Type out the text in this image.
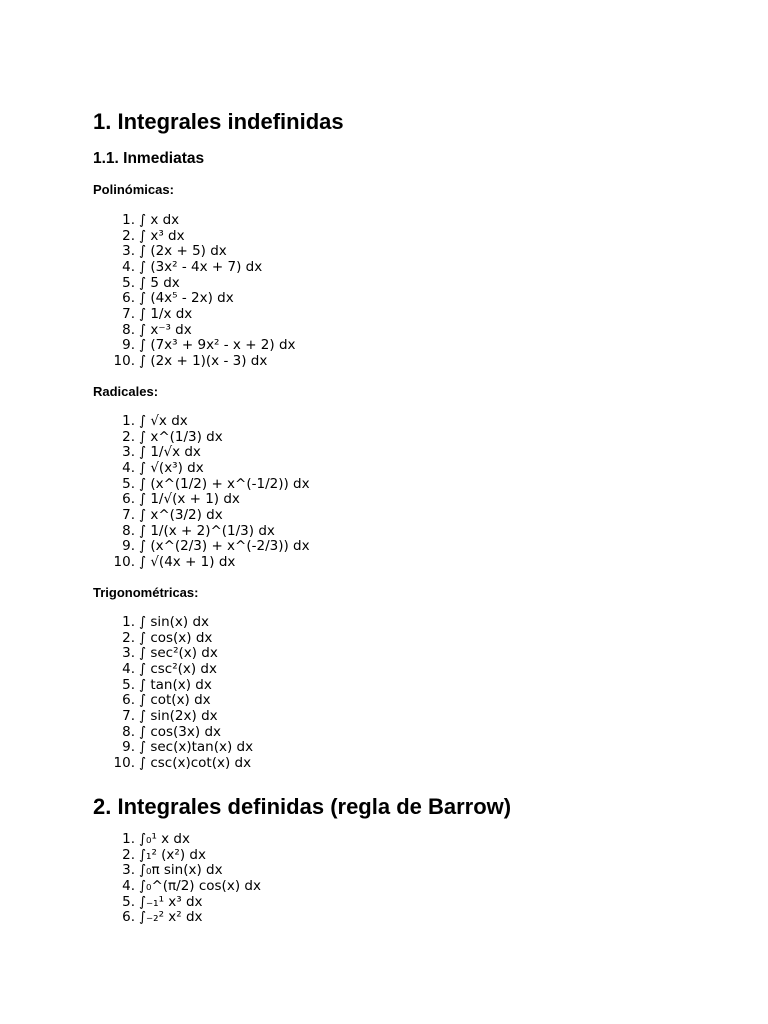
1. Integrales indefinidas
1.1. Inmediatas
Polinómicas:
1. ∫ x dx
2. ∫ x³ dx
3. ∫ (2x + 5) dx
4. ∫ (3x² - 4x + 7) dx
5. ∫ 5 dx
6. ∫ (4x⁵ - 2x) dx
7. ∫ 1/x dx
8. ∫ x⁻³ dx
9. ∫ (7x³ + 9x² - x + 2) dx
10. ∫ (2x + 1)(x - 3) dx
Radicales:
1. ∫ √x dx
2. ∫ x^(1/3) dx
3. ∫ 1/√x dx
4. ∫ √(x³) dx
5. ∫ (x^(1/2) + x^(-1/2)) dx
6. ∫ 1/√(x + 1) dx
7. ∫ x^(3/2) dx
8. ∫ 1/(x + 2)^(1/3) dx
9. ∫ (x^(2/3) + x^(-2/3)) dx
10. ∫ √(4x + 1) dx
Trigonométricas:
1. ∫ sin(x) dx
2. ∫ cos(x) dx
3. ∫ sec²(x) dx
4. ∫ csc²(x) dx
5. ∫ tan(x) dx
6. ∫ cot(x) dx
7. ∫ sin(2x) dx
8. ∫ cos(3x) dx
9. ∫ sec(x)tan(x) dx
10. ∫ csc(x)cot(x) dx
2. Integrales definidas (regla de Barrow)
1. ∫₀¹ x dx
2. ∫₁² (x²) dx
3. ∫₀π sin(x) dx
4. ∫₀^(π/2) cos(x) dx
5. ∫₋₁¹ x³ dx
6. ∫₋₂² x² dx
